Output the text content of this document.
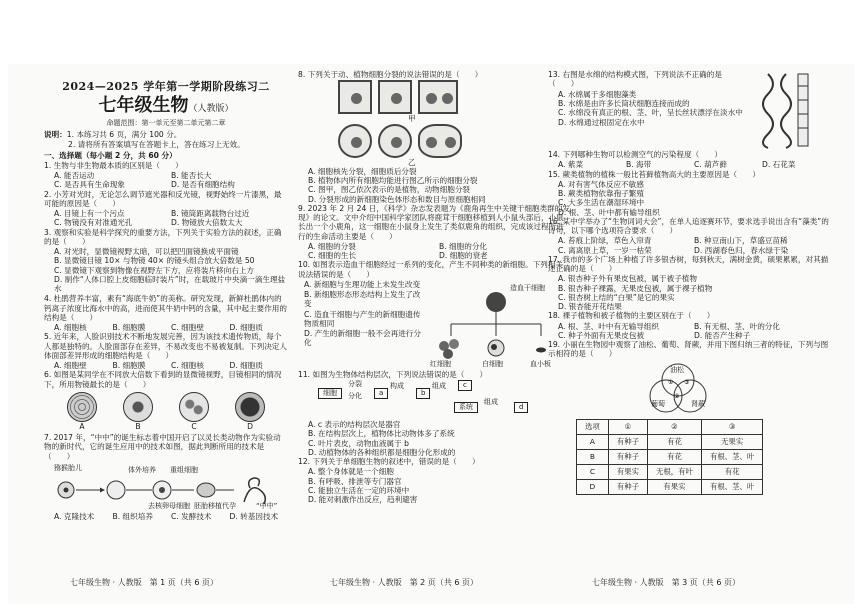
2024—2025 学年第一学期阶段练习二
七年级生物（人教版）
命题范围：第一单元至第二单元第二章
说明：1. 本练习共 6 页，满分 100 分。
2. 请将所有答案填写在答题卡上，答在练习上无效。
一、选择题（每小题 2 分，共 60 分）
1. 生物与非生物最本质的区别是（　　）
A. 能否运动	B. 能否长大
C. 是否具有生命现象	D. 是否有细胞结构
2. 小芳对光时，无论怎么调节遮光器和反光镜，视野始终一片漆黑，最可能的原因是（　　）
A. 目镜上有一个污点	B. 镜筒距离载物台过近
C. 物镜没有对准通光孔	D. 物镜放大倍数太大
3. 观察和实验是科学探究的重要方法，下列关于实验方法的叙述，正确的是（　　）
A. 对光时，显微镜视野太暗，可以把凹面镜换成平面镜
B. 显微镜目镜 10× 与物镜 40× 的镜头组合放大倍数是 50
C. 显微镜下观察到物像在视野左下方，应将装片移向右上方
D. 制作“人体口腔上皮细胞临时装片”时，在载玻片中央滴一滴生理盐水
4. 杜鹃营养丰富，素有“海底牛奶”的美称。研究发现，新鲜杜鹃体内的钙离子浓度比海水中的高，进而使其牛奶中钙的含量，其中起主要作用的结构是（　　）
A. 细胞核	B. 细胞膜	C. 细胞壁	D. 细胞质
5. 近年来，人脸识别技术不断地发展完善，因为该技术遗传物质，每个人都是独特的。人脸面部存在差异，不易改变也不易被复制。下列决定人体面部差异形成的细胞结构是（　　）
A. 细胞壁	B. 细胞膜	C. 细胞核	D. 细胞质
6. 如图是某同学在不同放大倍数下看到的显微镜视野，目镜相同的情况下，所用物镜最长的是（　　）
A	B	C	D
7. 2017 年，“中中”的诞生标志着中国开启了以灵长类动物作为实验动物的新时代，它的诞生应用中的技术如图，据此判断所用的技术是（　　）
猕猴胎儿	体外培养
去核卵母细胞
重组细胞
胚胎移植 代孕	“中中”
A. 克隆技术	B. 组织培养	C. 发酵技术	D. 转基因技术
8. 下列关于动、植物细胞分裂的说法错误的是（　　）
甲
乙
A. 细胞核先分裂，细胞质后分裂
B. 植物体内所有细胞均能进行图乙所示的细胞分裂
C. 图甲，图乙依次表示的是植物，动物细胞分裂
D. 分裂形成的新细胞染色体形态和数目与原细胞相同
9. 2023 年 2 月 24 日，《科学》杂志发表题为《鹿角再生中关键干细胞类群的发现》的论文。文中介绍中国科学家团队将鹿茸干细胞移植到人小鼠头部后，小鼠长出一个小鹿角，这一细胞在小鼠身上发生了类似鹿角的组织，完成该过程所进行的生命活动主要是（　　）
A. 细胞的分裂	B. 细胞的分化
C. 细胞的生长	D. 细胞的衰老
10. 如图表示造血干细胞经过一系列的变化，产生不同种类的新细胞。下列相关说法错误的是（　　）
A. 新细胞与生理功能上未发生改变
B. 新细胞形态形态结构上发生了改变
C. 造血干细胞与产生的新细胞遗传物质相同
D. 产生的新细胞一般不会再进行分化
造血干细胞
红细胞	白细胞	血小板
11. 如图为生物体结构层次，下列说法错误的是（　　）
细胞
分裂
分化	a
构成
b
组成	c
系统
组成
d
A. c 表示的结构层次是器官
B. 在结构层次上，植物体比动物体多了系统
C. 叶片表皮，动物血液属于 b
D. 动植物体的各种组织都是细胞分化形成的
12. 下列关于单细胞生物的叙述中，错误的是（　　）
A. 整个身体就是一个细胞
B. 有呼吸、排泄等专门器官
C. 能独立生活在一定的环境中
D. 能对刺激作出反应，趋利避害
13. 右图是水绵的结构模式图，下列说法不正确的是（　　）
A. 水绵属于多细胞藻类
B. 水绵是由许多长筒状细胞连接而成的
C. 水绵没有真正的根、茎、叶，呈长丝状漂浮在淡水中
D. 水绵通过根固定在水中
14. 下列哪种生物可以检测空气的污染程度（　　）
A. 紫菜	B. 海带	C. 葫芦藓	D. 石花菜
15. 蕨类植物的植株一般比苔藓植物高大的主要原因是（　　）
A. 对有害气体反应不敏感
B. 蕨类植物依靠孢子繁殖
C. 大多生活在潮湿环境中
D. 根、茎、叶中都有输导组织
16. 某中学举办了“生物词词大会”，在单人追逐赛环节，要求选手说出含有“藻类”的诗句，以下哪个选项符合要求（　　）
A. 苔痕上阶绿，草色入帘青	B. 种豆南山下，草盛豆苗稀
C. 离离原上草，一岁一枯荣	D. 西湖春色归，春水绿于染
17. 我市的多个广场上种植了许多银杏树，每到秋天，满树金黄，硕果累累，对其描述正确的是（　　）
A. 银杏种子外有果皮包被，属于被子植物
B. 银杏种子裸露，无果皮包被，属于裸子植物
C. 银杏树上结的“白果”是它的果实
D. 银杏能开花结果
18. 裸子植物和被子植物的主要区别在于（　　）
A. 根、茎、叶中有无输导组织	B. 有无根、茎、叶的分化
C. 种子外面有无果皮包被	D. 能否产生种子
19. 小丽在生物园中观察了油松、葡萄、肾蕨，并用下图归纳三者的特征，下列与图示相符的是（　　）
①
②
③
油松
葡萄	肾蕨
选项	①	②	③
A	有种子	有花	无果实
B	有种子	有花	有根、茎、叶
C	有果实	无根，有叶	有花
D	有种子	有果实	有根、茎、叶
七年级生物 · 人教版　第 1 页（共 6 页）	七年级生物 · 人教版　第 2 页（共 6 页）	七年级生物 · 人教版　第 3 页（共 6 页）
